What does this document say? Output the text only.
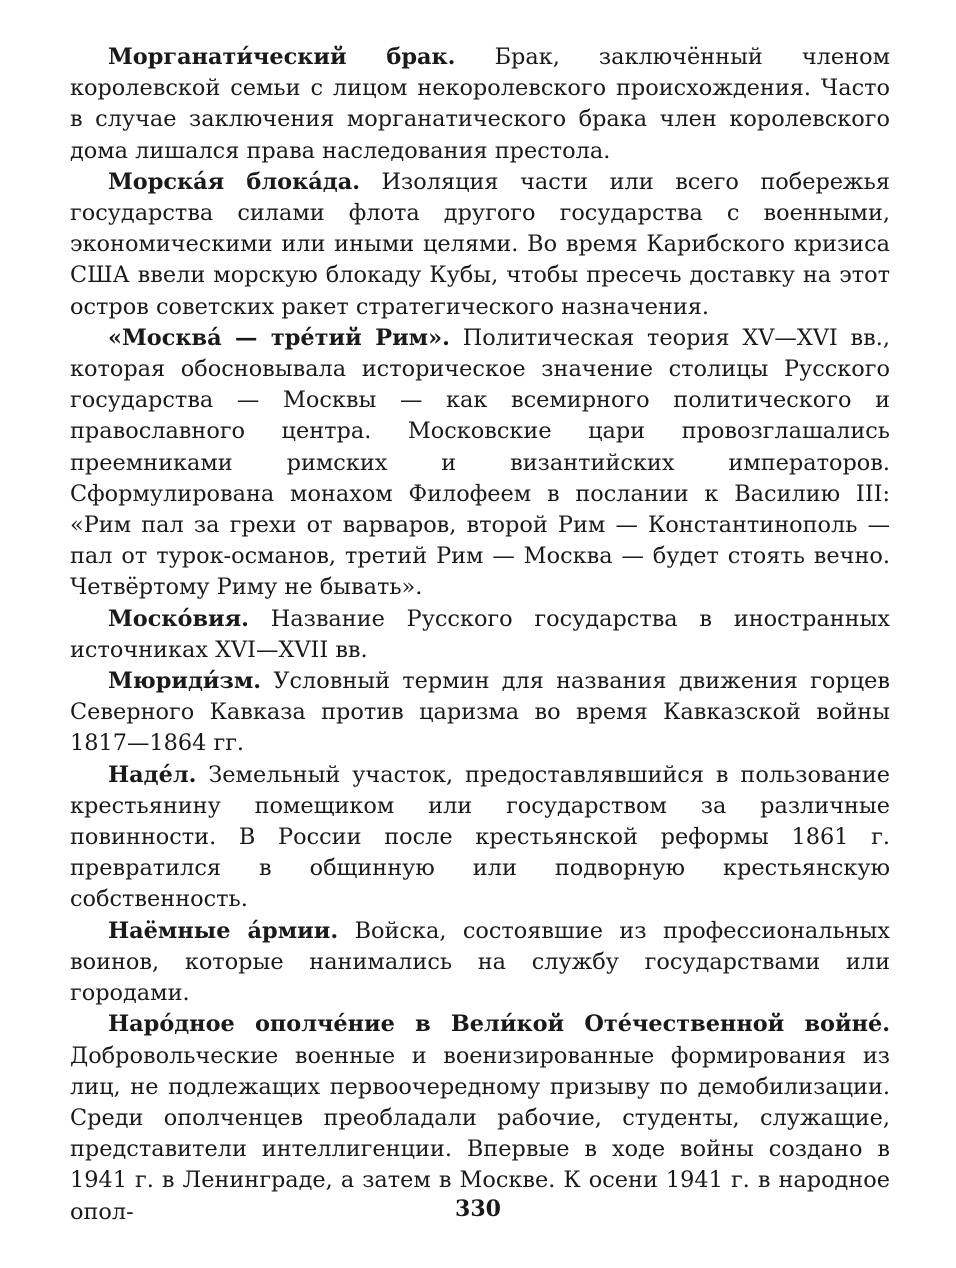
Морганати́ческий брак. Брак, заключённый членом королевской семьи с лицом некоролевского происхождения. Часто в случае заключения морганатического брака член королевского дома лишался права наследования престола.

Морска́я блока́да. Изоляция части или всего побережья государства силами флота другого государства с военными, экономическими или иными целями. Во время Карибского кризиса США ввели морскую блокаду Кубы, чтобы пресечь доставку на этот остров советских ракет стратегического назначения.

«Москва́ — тре́тий Рим». Политическая теория XV—XVI вв., которая обосновывала историческое значение столицы Русского государства — Москвы — как всемирного политического и православного центра. Московские цари провозглашались преемниками римских и византийских императоров. Сформулирована монахом Филофеем в послании к Василию III: «Рим пал за грехи от варваров, второй Рим — Константинополь — пал от турок-османов, третий Рим — Москва — будет стоять вечно. Четвёртому Риму не бывать».

Моско́вия. Название Русского государства в иностранных источниках XVI—XVII вв.

Мюриди́зм. Условный термин для названия движения горцев Северного Кавказа против царизма во время Кавказской войны 1817—1864 гг.

Наде́л. Земельный участок, предоставлявшийся в пользование крестьянину помещиком или государством за различные повинности. В России после крестьянской реформы 1861 г. превратился в общинную или подворную крестьянскую собственность.

Наёмные а́рмии. Войска, состоявшие из профессиональных воинов, которые нанимались на службу государствами или городами.

Наро́дное ополче́ние в Вели́кой Оте́чественной войне́. Добровольческие военные и военизированные формирования из лиц, не подлежащих первоочередному призыву по демобилизации. Среди ополченцев преобладали рабочие, студенты, служащие, представители интеллигенции. Впервые в ходе войны создано в 1941 г. в Ленинграде, а затем в Москве. К осени 1941 г. в народное опол-	330
